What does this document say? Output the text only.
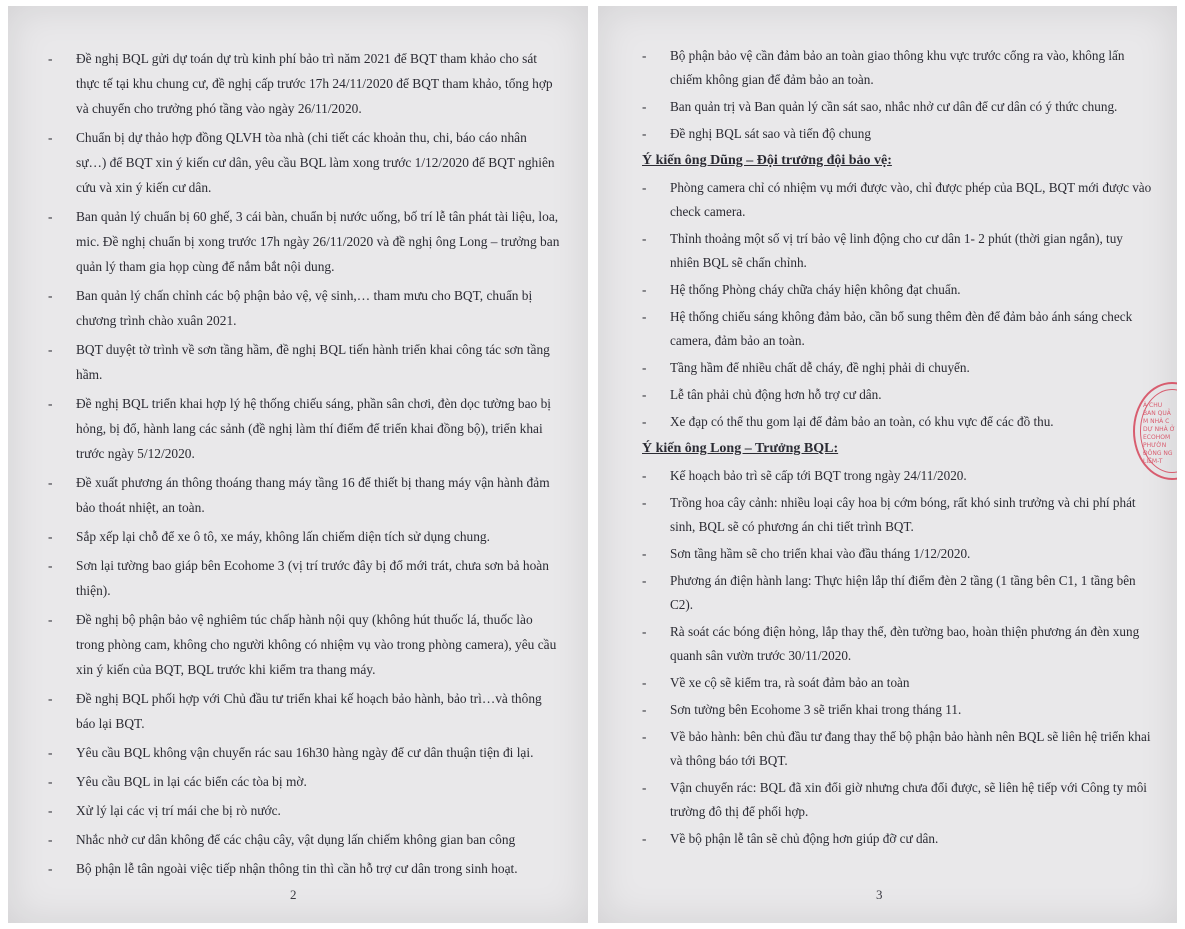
- Đề nghị BQL gửi dự toán dự trù kinh phí bảo trì năm 2021 để BQT tham khảo cho sát thực tế tại khu chung cư, đề nghị cấp trước 17h 24/11/2020 để BQT tham khảo, tổng hợp và chuyển cho trưởng phó tầng vào ngày 26/11/2020.
- Chuẩn bị dự thảo hợp đồng QLVH tòa nhà (chi tiết các khoản thu, chi, báo cáo nhân sự…) để BQT xin ý kiến cư dân, yêu cầu BQL làm xong trước 1/12/2020 để BQT nghiên cứu và xin ý kiến cư dân.
- Ban quản lý chuẩn bị 60 ghế, 3 cái bàn, chuẩn bị nước uống, bố trí lễ tân phát tài liệu, loa, mic. Đề nghị chuẩn bị xong trước 17h ngày 26/11/2020 và đề nghị ông Long – trưởng ban quản lý tham gia họp cùng để nắm bắt nội dung.
- Ban quản lý chấn chỉnh các bộ phận bảo vệ, vệ sinh,… tham mưu cho BQT, chuẩn bị chương trình chào xuân 2021.
- BQT duyệt tờ trình về sơn tầng hầm, đề nghị BQL tiến hành triển khai công tác sơn tầng hầm.
- Đề nghị BQL triển khai hợp lý hệ thống chiếu sáng, phần sân chơi, đèn dọc tường bao bị hỏng, bị đổ, hành lang các sảnh (đề nghị làm thí điểm để triển khai đồng bộ), triển khai trước ngày 5/12/2020.
- Đề xuất phương án thông thoáng thang máy tầng 16 để thiết bị thang máy vận hành đảm bảo thoát nhiệt, an toàn.
- Sắp xếp lại chỗ để xe ô tô, xe máy, không lấn chiếm diện tích sử dụng chung.
- Sơn lại tường bao giáp bên Ecohome 3 (vị trí trước đây bị đổ mới trát, chưa sơn bả hoàn thiện).
- Đề nghị bộ phận bảo vệ nghiêm túc chấp hành nội quy (không hút thuốc lá, thuốc lào trong phòng cam, không cho người không có nhiệm vụ vào trong phòng camera), yêu cầu xin ý kiến của BQT, BQL trước khi kiểm tra thang máy.
- Đề nghị BQL phối hợp với Chủ đầu tư triển khai kế hoạch bảo hành, bảo trì…và thông báo lại BQT.
- Yêu cầu BQL không vận chuyển rác sau 16h30 hàng ngày để cư dân thuận tiện đi lại.
- Yêu cầu BQL in lại các biển các tòa bị mờ.
- Xử lý lại các vị trí mái che bị rò nước.
- Nhắc nhở cư dân không để các chậu cây, vật dụng lấn chiếm không gian ban công
- Bộ phận lễ tân ngoài việc tiếp nhận thông tin thì cần hỗ trợ cư dân trong sinh hoạt.
2
- Bộ phận bảo vệ cần đảm bảo an toàn giao thông khu vực trước cổng ra vào, không lấn chiếm không gian để đảm bảo an toàn.
- Ban quản trị và Ban quản lý cần sát sao, nhắc nhở cư dân để cư dân có ý thức chung.
- Đề nghị BQL sát sao và tiến độ chung
Ý kiến ông Dũng – Đội trưởng đội bảo vệ:
- Phòng camera chỉ có nhiệm vụ mới được vào, chỉ được phép của BQL, BQT mới được vào check camera.
- Thỉnh thoảng một số vị trí bảo vệ linh động cho cư dân 1- 2 phút (thời gian ngắn), tuy nhiên BQL sẽ chấn chỉnh.
- Hệ thống Phòng cháy chữa cháy hiện không đạt chuẩn.
- Hệ thống chiếu sáng không đảm bảo, cần bổ sung thêm đèn để đảm bảo ánh sáng check camera, đảm bảo an toàn.
- Tầng hầm để nhiều chất dễ cháy, đề nghị phải di chuyển.
- Lễ tân phải chủ động hơn hỗ trợ cư dân.
- Xe đạp có thể thu gom lại để đảm bảo an toàn, có khu vực để các đồ thu.
Ý kiến ông Long – Trưởng BQL:
- Kế hoạch bảo trì sẽ cấp tới BQT trong ngày 24/11/2020.
- Trồng hoa cây cảnh: nhiều loại cây hoa bị cớm bóng, rất khó sinh trưởng và chi phí phát sinh, BQL sẽ có phương án chi tiết trình BQT.
- Sơn tầng hầm sẽ cho triển khai vào đầu tháng 1/12/2020.
- Phương án điện hành lang: Thực hiện lắp thí điểm đèn 2 tầng (1 tầng bên C1, 1 tầng bên C2).
- Rà soát các bóng điện hỏng, lắp thay thế, đèn tường bao, hoàn thiện phương án đèn xung quanh sân vườn trước 30/11/2020.
- Về xe cộ sẽ kiểm tra, rà soát đảm bảo an toàn
- Sơn tường bên Ecohome 3 sẽ triển khai trong tháng 11.
- Về bảo hành: bên chủ đầu tư đang thay thế bộ phận bảo hành nên BQL sẽ liên hệ triển khai và thông báo tới BQT.
- Vận chuyển rác: BQL đã xin đổi giờ nhưng chưa đổi được, sẽ liên hệ tiếp với Công ty môi trường đô thị để phối hợp.
- Về bộ phận lễ tân sẽ chủ động hơn giúp đỡ cư dân.
3
À CHU
BAN QUẢ
M NHÀ C
DỰ NHÀ Ở
ECOHOM
PHƯỜN
ĐÔNG NG
LIÊM-T
